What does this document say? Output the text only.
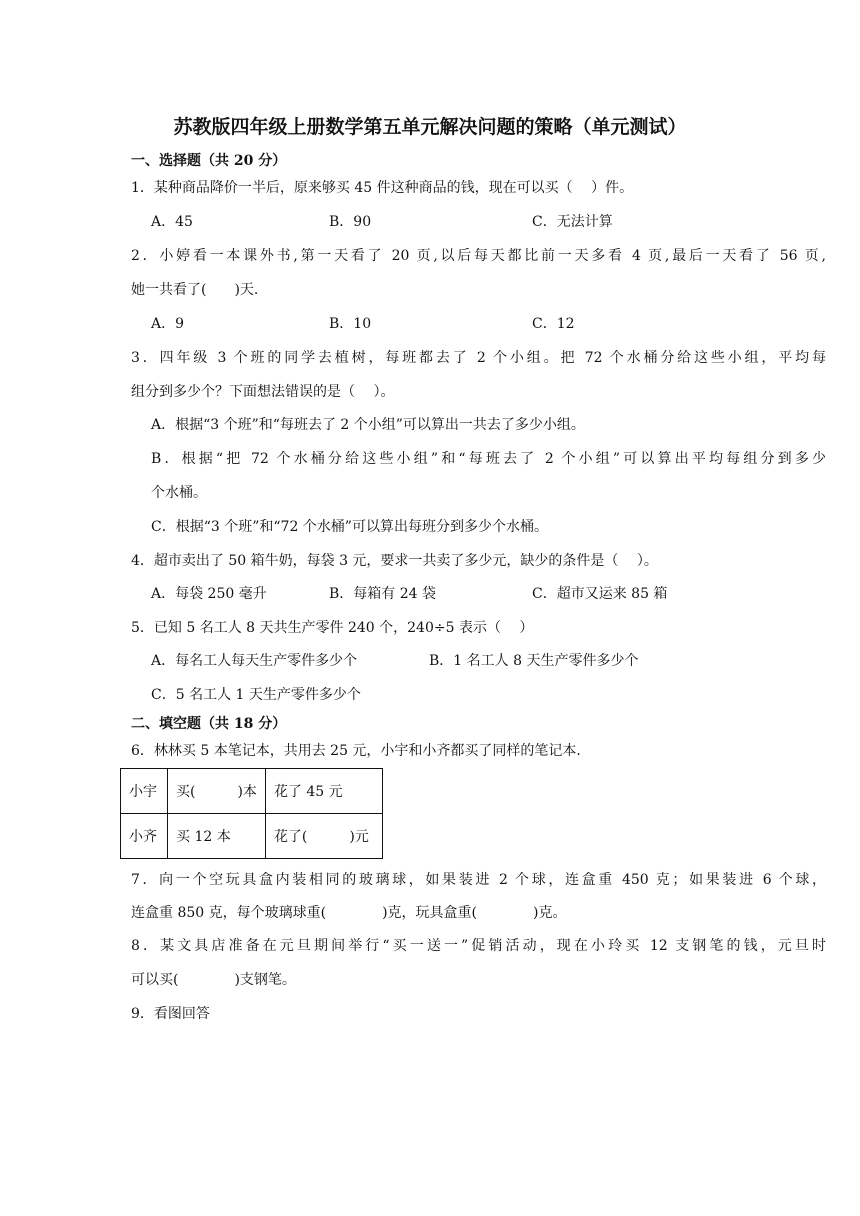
苏教版四年级上册数学第五单元解决问题的策略（单元测试）
一、选择题（共 20 分）
1．某种商品降价一半后，原来够买 45 件这种商品的钱，现在可以买（　 ）件。
A．45	B．90	C．无法计算
2．小婷看一本课外书,第一天看了 20 页,以后每天都比前一天多看 4 页,最后一天看了 56 页,
她一共看了(　　)天.
A．9	B．10	C．12
3．四年级 3 个班的同学去植树，每班都去了 2 个小组。把 72 个水桶分给这些小组，平均每
组分到多少个？下面想法错误的是（　 ）。
A．根据“3 个班”和“每班去了 2 个小组”可以算出一共去了多少小组。
B．根据“把 72 个水桶分给这些小组”和“每班去了 2 个小组”可以算出平均每组分到多少
个水桶。
C．根据“3 个班”和“72 个水桶”可以算出每班分到多少个水桶。
4．超市卖出了 50 箱牛奶，每袋 3 元，要求一共卖了多少元，缺少的条件是（　 ）。
A．每袋 250 毫升	B．每箱有 24 袋	C．超市又运来 85 箱
5．已知 5 名工人 8 天共生产零件 240 个，240÷5 表示（　 ）
A．每名工人每天生产零件多少个	B．1 名工人 8 天生产零件多少个
C．5 名工人 1 天生产零件多少个
二、填空题（共 18 分）
6．林林买 5 本笔记本，共用去 25 元，小宇和小齐都买了同样的笔记本．
小宇	买(　　　)本	花了 45 元
小齐	买 12 本	花了(　　　)元
7．向一个空玩具盒内装相同的玻璃球，如果装进 2 个球，连盒重 450 克；如果装进 6 个球，
连盒重 850 克，每个玻璃球重(　　　　)克，玩具盒重(　　　　)克。
8．某文具店准备在元旦期间举行“买一送一”促销活动，现在小玲买 12 支钢笔的钱，元旦时
可以买(　　　　)支钢笔。
9．看图回答
